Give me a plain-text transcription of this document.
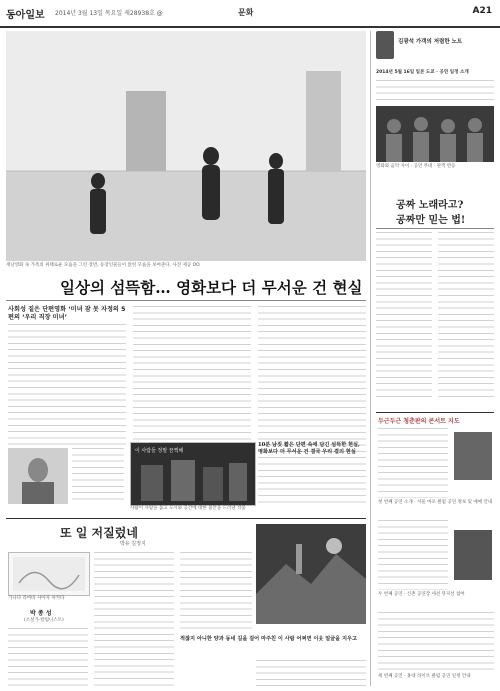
동아일보 2014년 3월 13일 목요일 제28938호 @	문화	A21
재난영화 속 가족의 위태로운 모습을 그린 장면, 등장인물들이 얽힌 모습을 보여준다. 사진 제공 OO
일상의 섬뜩함… 영화보다 더 무서운 건 현실
사회성 짙은 단편영화 ‘미녀 잠 못 자정의 5편의 ‘우리 직장 미녀’
이 사람들 정말 끔찍해
사람이 사람을 돕고 도시와 공간에 대한 불안을 드러낸 작품
10분 남짓 짧은 단편 속에 담긴 섬뜩한 현실, 영화보다 더 무서운 건 결국 우리 곁의 현실
또 일 저질렀네
박유 김정지
가나다 라마바 사아자 차카타
박 종 성
(소설가·칼럼니스트)
적잖지 아니한 양과 동네 길을 걸어 마주친 이 사람 어쩌면 이웃 얼굴을 지우고
김광석 가객의 저렴한 노트
2014년 5월 16일 일본 도쿄 · 공연 일정 소개
영화와 음악 사이 · 공연 무대 · 관객 반응
공짜 노래라고?
공짜만 믿는 법!
두근두근 청춘판의 콘서트 지도
첫 번째 공연 소개 · 서울 마포 클럽 공연 정보 및 예매 안내
두 번째 공연 · 신촌 공연장 세션 뮤지션 참여
세 번째 공연 · 홍대 라이브 클럽 공연 일정 안내
